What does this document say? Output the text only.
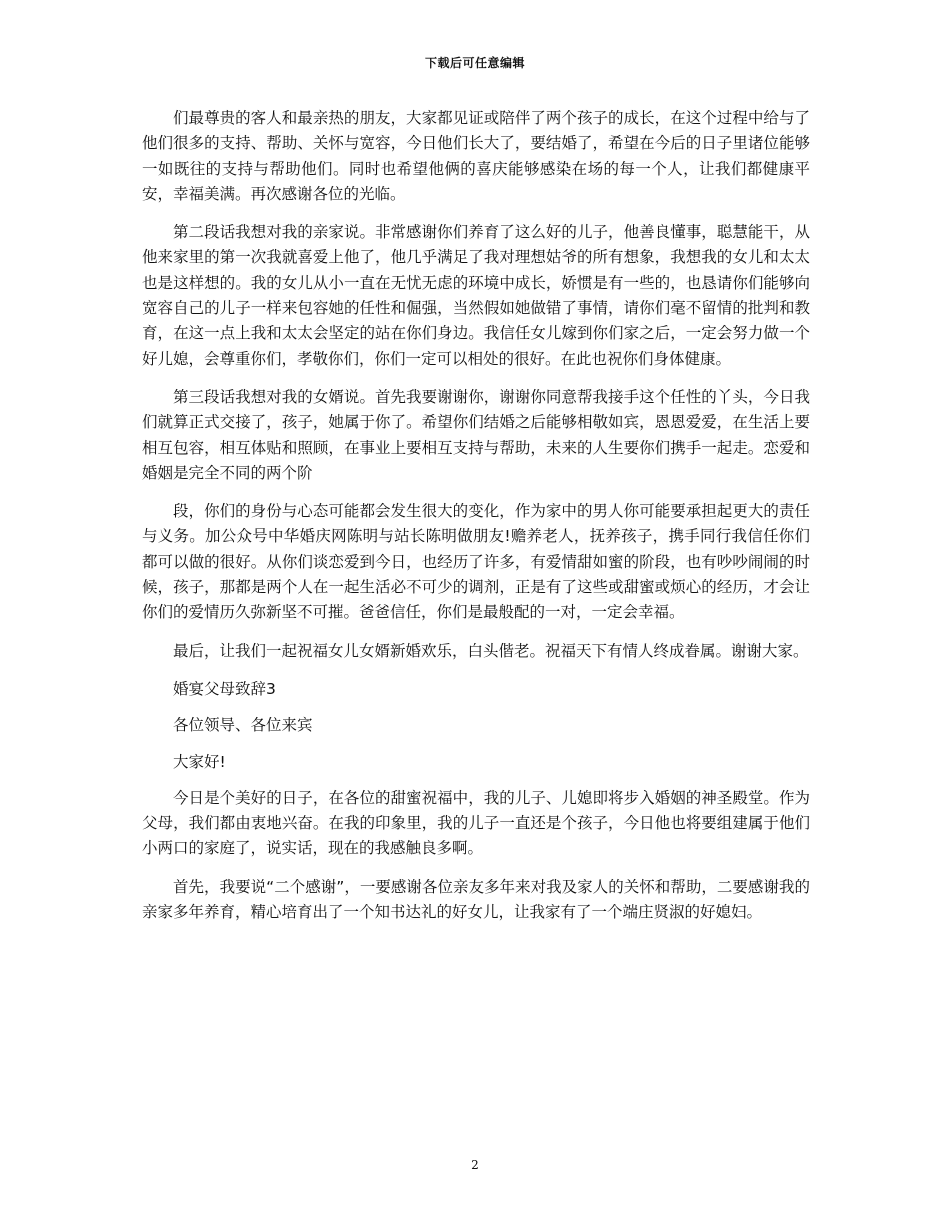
下载后可任意编辑

们最尊贵的客人和最亲热的朋友，大家都见证或陪伴了两个孩子的成长，在这个过程中给与了他们很多的支持、帮助、关怀与宽容，今日他们长大了，要结婚了，希望在今后的日子里诸位能够一如既往的支持与帮助他们。同时也希望他俩的喜庆能够感染在场的每一个人，让我们都健康平安，幸福美满。再次感谢各位的光临。

第二段话我想对我的亲家说。非常感谢你们养育了这么好的儿子，他善良懂事，聪慧能干，从他来家里的第一次我就喜爱上他了，他几乎满足了我对理想姑爷的所有想象，我想我的女儿和太太也是这样想的。我的女儿从小一直在无忧无虑的环境中成长，娇惯是有一些的，也恳请你们能够向宽容自己的儿子一样来包容她的任性和倔强，当然假如她做错了事情，请你们毫不留情的批判和教育，在这一点上我和太太会坚定的站在你们身边。我信任女儿嫁到你们家之后，一定会努力做一个好儿媳，会尊重你们，孝敬你们，你们一定可以相处的很好。在此也祝你们身体健康。

第三段话我想对我的女婿说。首先我要谢谢你，谢谢你同意帮我接手这个任性的丫头，今日我们就算正式交接了，孩子，她属于你了。希望你们结婚之后能够相敬如宾，恩恩爱爱，在生活上要相互包容，相互体贴和照顾，在事业上要相互支持与帮助，未来的人生要你们携手一起走。恋爱和婚姻是完全不同的两个阶

段，你们的身份与心态可能都会发生很大的变化，作为家中的男人你可能要承担起更大的责任与义务。加公众号中华婚庆网陈明与站长陈明做朋友!赡养老人，抚养孩子，携手同行我信任你们都可以做的很好。从你们谈恋爱到今日，也经历了许多，有爱情甜如蜜的阶段，也有吵吵闹闹的时候，孩子，那都是两个人在一起生活必不可少的调剂，正是有了这些或甜蜜或烦心的经历，才会让你们的爱情历久弥新坚不可摧。爸爸信任，你们是最般配的一对，一定会幸福。

最后，让我们一起祝福女儿女婿新婚欢乐，白头偕老。祝福天下有情人终成眷属。谢谢大家。

婚宴父母致辞3
各位领导、各位来宾
大家好!

今日是个美好的日子，在各位的甜蜜祝福中，我的儿子、儿媳即将步入婚姻的神圣殿堂。作为父母，我们都由衷地兴奋。在我的印象里，我的儿子一直还是个孩子，今日他也将要组建属于他们小两口的家庭了，说实话，现在的我感触良多啊。

首先，我要说“二个感谢”，一要感谢各位亲友多年来对我及家人的关怀和帮助，二要感谢我的亲家多年养育，精心培育出了一个知书达礼的好女儿，让我家有了一个端庄贤淑的好媳妇。

2
